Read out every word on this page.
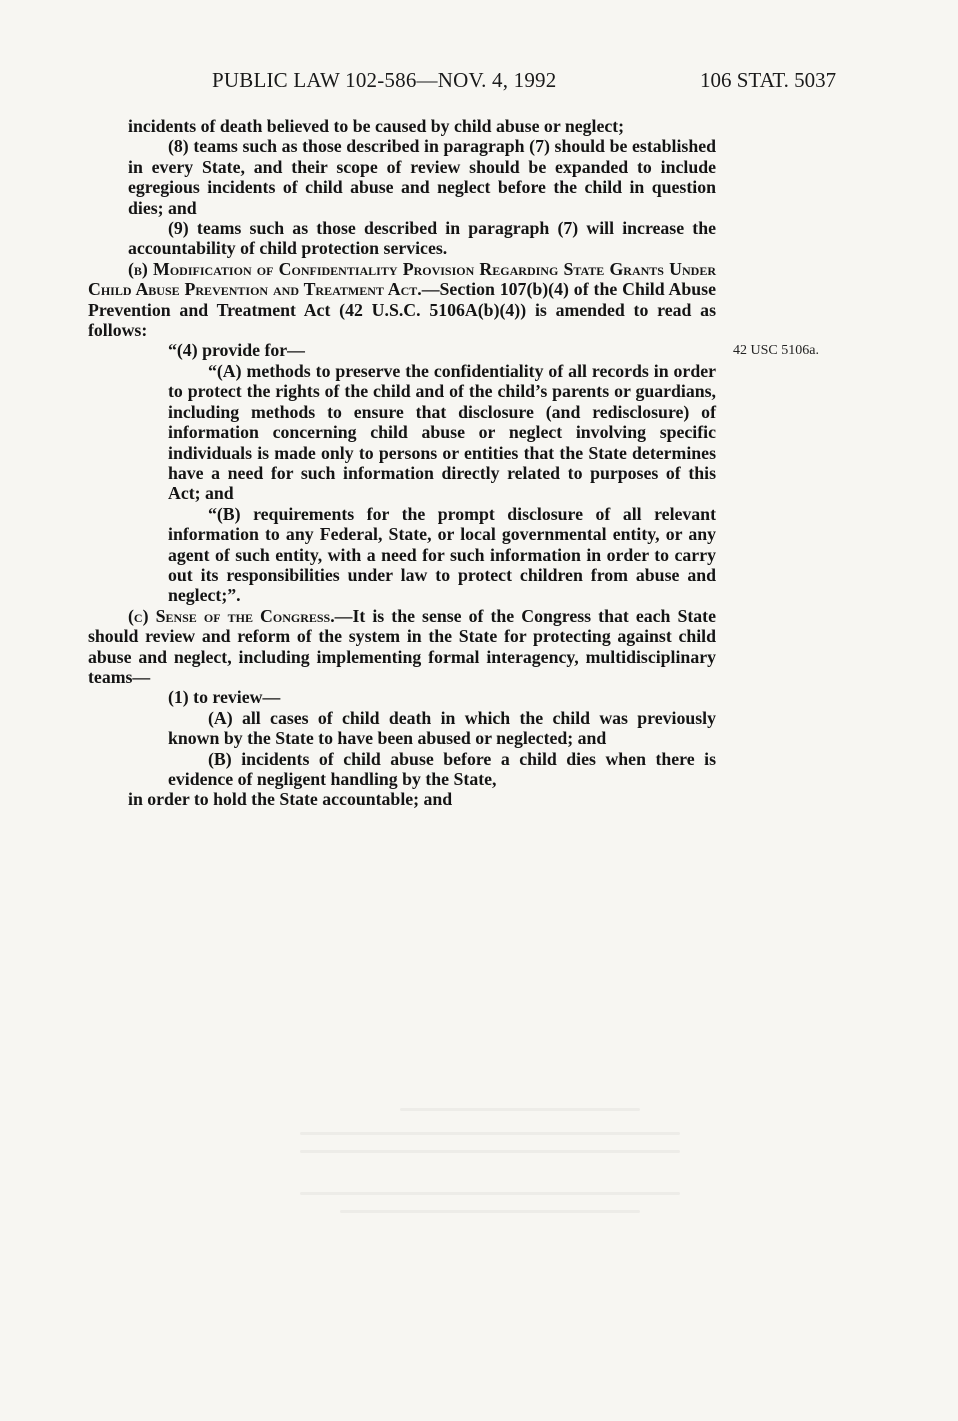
PUBLIC LAW 102-586—NOV. 4, 1992	106 STAT. 5037
42 USC 5106a.

incidents of death believed to be caused by child abuse or neglect;

(8) teams such as those described in paragraph (7) should be established in every State, and their scope of review should be expanded to include egregious incidents of child abuse and neglect before the child in question dies; and

(9) teams such as those described in paragraph (7) will increase the accountability of child protection services.

(b) Modification of Confidentiality Provision Regarding State Grants Under Child Abuse Prevention and Treatment Act.—Section 107(b)(4) of the Child Abuse Prevention and Treatment Act (42 U.S.C. 5106A(b)(4)) is amended to read as follows:

“(4) provide for—

“(A) methods to preserve the confidentiality of all records in order to protect the rights of the child and of the child’s parents or guardians, including methods to ensure that disclosure (and redisclosure) of information concerning child abuse or neglect involving specific individuals is made only to persons or entities that the State determines have a need for such information directly related to purposes of this Act; and

“(B) requirements for the prompt disclosure of all relevant information to any Federal, State, or local governmental entity, or any agent of such entity, with a need for such information in order to carry out its responsibilities under law to protect children from abuse and neglect;”.

(c) Sense of the Congress.—It is the sense of the Congress that each State should review and reform of the system in the State for protecting against child abuse and neglect, including implementing formal interagency, multidisciplinary teams—

(1) to review—

(A) all cases of child death in which the child was previously known by the State to have been abused or neglected; and

(B) incidents of child abuse before a child dies when there is evidence of negligent handling by the State,

in order to hold the State accountable; and
